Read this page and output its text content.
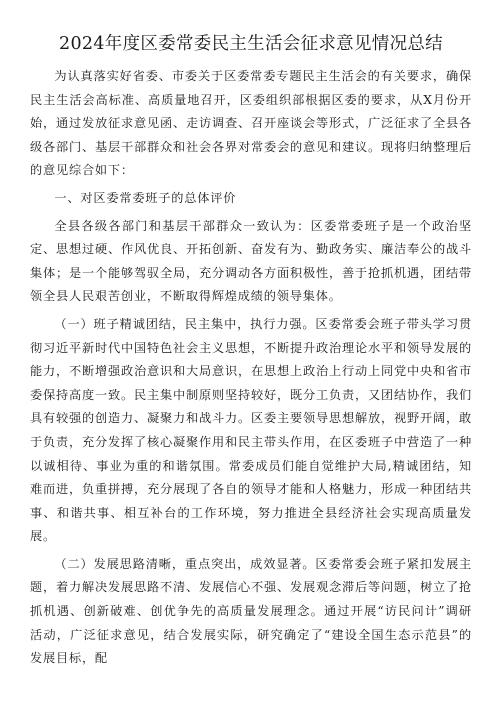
2024年度区委常委民主生活会征求意见情况总结

为认真落实好省委、市委关于区委常委专题民主生活会的有关要求，确保民主生活会高标准、高质量地召开，区委组织部根据区委的要求，从X月份开始，通过发放征求意见函、走访调查、召开座谈会等形式，广泛征求了全县各级各部门、基层干部群众和社会各界对常委会的意见和建议。现将归纳整理后的意见综合如下：

一、对区委常委班子的总体评价

全县各级各部门和基层干部群众一致认为：区委常委班子是一个政治坚定、思想过硬、作风优良、开拓创新、奋发有为、勤政务实、廉洁奉公的战斗集体；是一个能够驾驭全局，充分调动各方面积极性，善于抢抓机遇，团结带领全县人民艰苦创业，不断取得辉煌成绩的领导集体。

（一）班子精诚团结，民主集中，执行力强。区委常委会班子带头学习贯彻习近平新时代中国特色社会主义思想，不断提升政治理论水平和领导发展的能力，不断增强政治意识和大局意识，在思想上政治上行动上同党中央和省市委保持高度一致。民主集中制原则坚持较好，既分工负责，又团结协作，我们具有较强的创造力、凝聚力和战斗力。区委主要领导思想解放，视野开阔，敢于负责，充分发挥了核心凝聚作用和民主带头作用，在区委班子中营造了一种以诚相待、事业为重的和谐氛围。常委成员们能自觉维护大局,精诚团结，知难而进，负重拼搏，充分展现了各自的领导才能和人格魅力，形成一种团结共事、和谐共事、相互补台的工作环境，努力推进全县经济社会实现高质量发展。

（二）发展思路清晰，重点突出，成效显著。区委常委会班子紧扣发展主题，着力解决发展思路不清、发展信心不强、发展观念滞后等问题，树立了抢抓机遇、创新破难、创优争先的高质量发展理念。通过开展“访民问计”调研活动，广泛征求意见，结合发展实际，研究确定了“建设全国生态示范县”的发展目标，配
